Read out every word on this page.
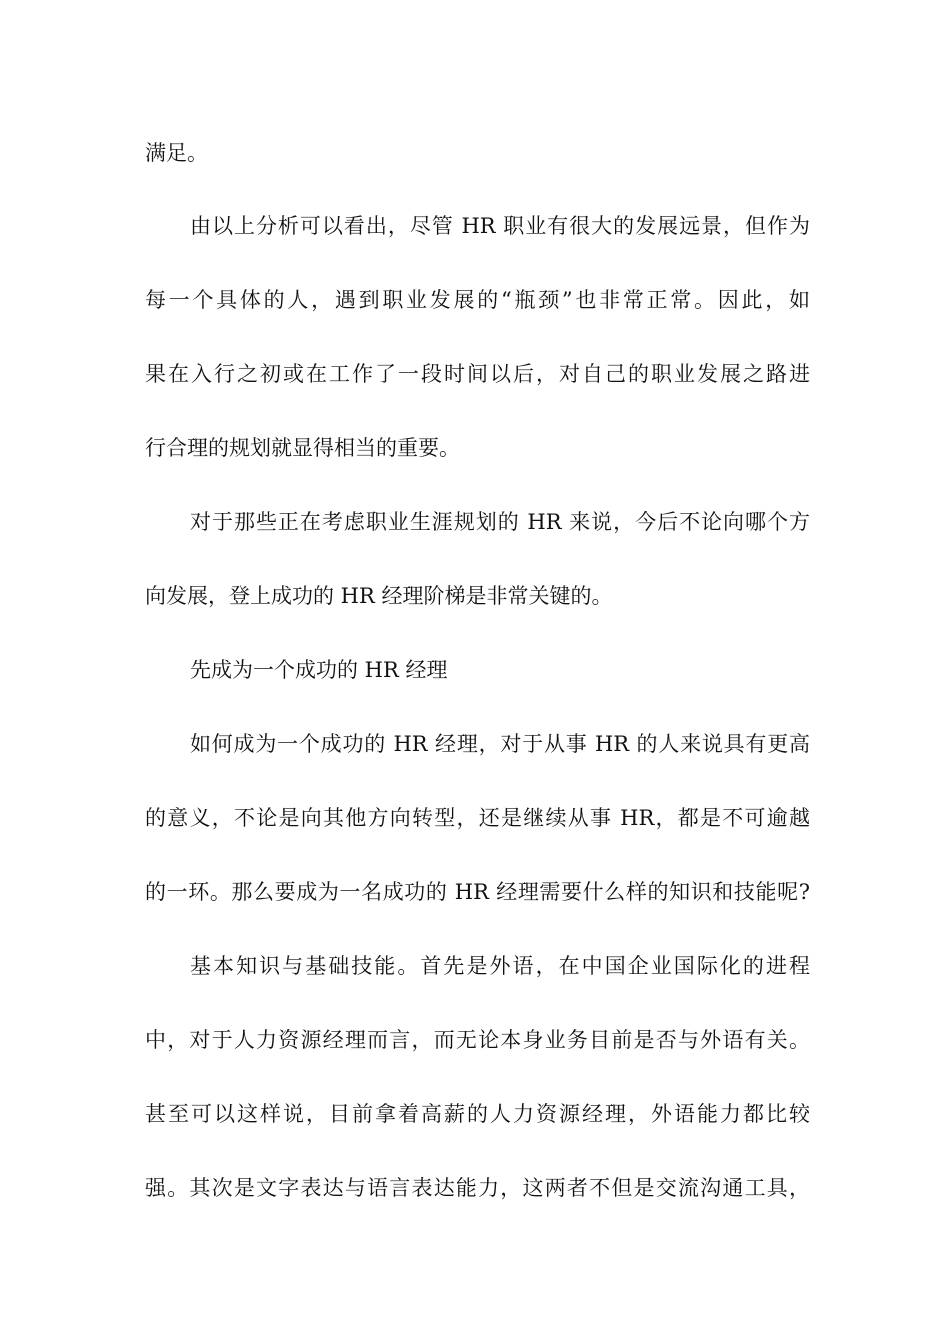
满足。

由以上分析可以看出，尽管 HR 职业有很大的发展远景，但作为

每一个具体的人，遇到职业发展的“瓶颈”也非常正常。因此，如

果在入行之初或在工作了一段时间以后，对自己的职业发展之路进

行合理的规划就显得相当的重要。

对于那些正在考虑职业生涯规划的 HR 来说，今后不论向哪个方

向发展，登上成功的 HR 经理阶梯是非常关键的。

先成为一个成功的 HR 经理

如何成为一个成功的 HR 经理，对于从事 HR 的人来说具有更高

的意义，不论是向其他方向转型，还是继续从事 HR，都是不可逾越

的一环。那么要成为一名成功的 HR 经理需要什么样的知识和技能呢?

基本知识与基础技能。首先是外语，在中国企业国际化的进程

中，对于人力资源经理而言，而无论本身业务目前是否与外语有关。

甚至可以这样说，目前拿着高薪的人力资源经理，外语能力都比较

强。其次是文字表达与语言表达能力，这两者不但是交流沟通工具，
